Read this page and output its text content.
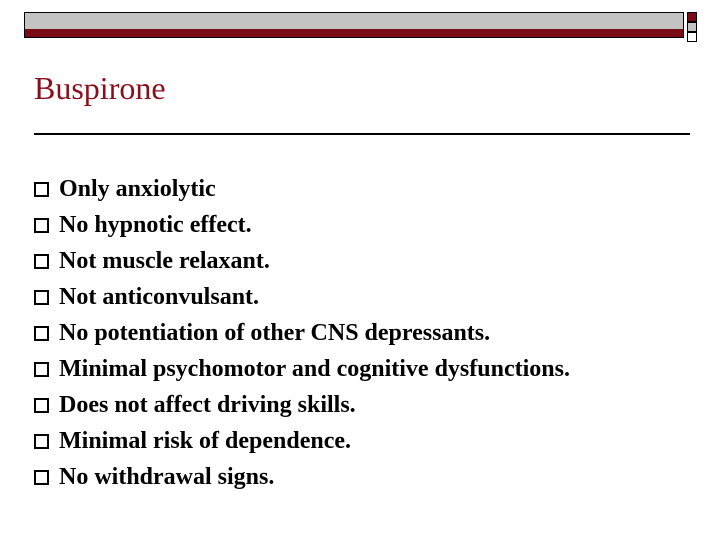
Buspirone
Only anxiolytic
No hypnotic effect.
Not muscle relaxant.
Not anticonvulsant.
No potentiation of other CNS depressants.
Minimal psychomotor and cognitive dysfunctions.
Does not affect driving skills.
Minimal risk of dependence.
No withdrawal signs.
